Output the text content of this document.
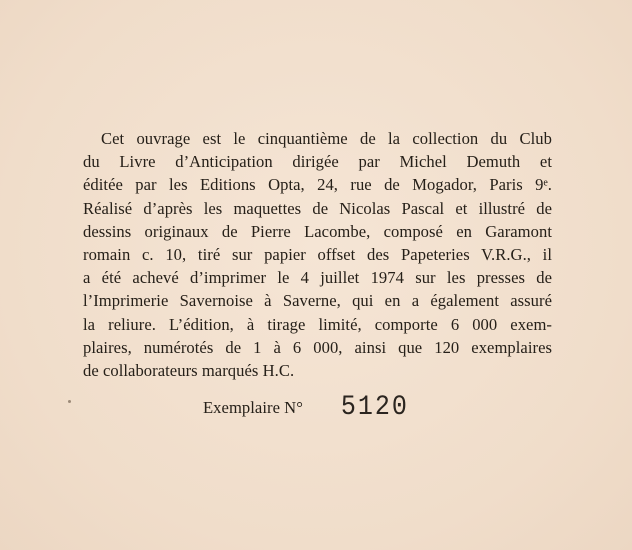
Cet ouvrage est le cinquantième de la collection du Club
du Livre d’Anticipation dirigée par Michel Demuth et
éditée par les Editions Opta, 24, rue de Mogador, Paris 9ᵉ.
Réalisé d’après les maquettes de Nicolas Pascal et illustré de
dessins originaux de Pierre Lacombe, composé en Garamont
romain c. 10, tiré sur papier offset des Papeteries V.R.G., il
a été achevé d’imprimer le 4 juillet 1974 sur les presses de
l’Imprimerie Savernoise à Saverne, qui en a également assuré
la reliure. L’édition, à tirage limité, comporte 6 000 exem-
plaires, numérotés de 1 à 6 000, ainsi que 120 exemplaires
de collaborateurs marqués H.C.
Exemplaire N° 5120
